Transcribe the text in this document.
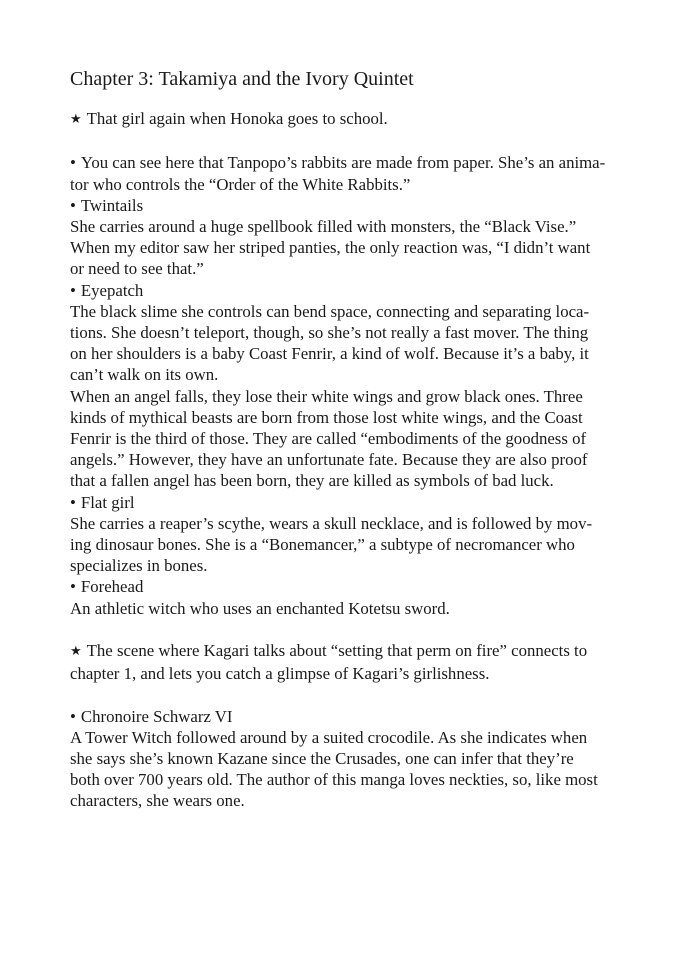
Chapter 3: Takamiya and the Ivory Quintet
★ That girl again when Honoka goes to school.
• You can see here that Tanpopo’s rabbits are made from paper. She’s an anima-
tor who controls the “Order of the White Rabbits.”
• Twintails
She carries around a huge spellbook filled with monsters, the “Black Vise.”
When my editor saw her striped panties, the only reaction was, “I didn’t want
or need to see that.”
• Eyepatch
The black slime she controls can bend space, connecting and separating loca-
tions. She doesn’t teleport, though, so she’s not really a fast mover. The thing
on her shoulders is a baby Coast Fenrir, a kind of wolf. Because it’s a baby, it
can’t walk on its own.
When an angel falls, they lose their white wings and grow black ones. Three
kinds of mythical beasts are born from those lost white wings, and the Coast
Fenrir is the third of those. They are called “embodiments of the goodness of
angels.” However, they have an unfortunate fate. Because they are also proof
that a fallen angel has been born, they are killed as symbols of bad luck.
• Flat girl
She carries a reaper’s scythe, wears a skull necklace, and is followed by mov-
ing dinosaur bones. She is a “Bonemancer,” a subtype of necromancer who
specializes in bones.
• Forehead
An athletic witch who uses an enchanted Kotetsu sword.
★ The scene where Kagari talks about “setting that perm on fire” connects to
chapter 1, and lets you catch a glimpse of Kagari’s girlishness.
• Chronoire Schwarz VI
A Tower Witch followed around by a suited crocodile. As she indicates when
she says she’s known Kazane since the Crusades, one can infer that they’re
both over 700 years old. The author of this manga loves neckties, so, like most
characters, she wears one.
